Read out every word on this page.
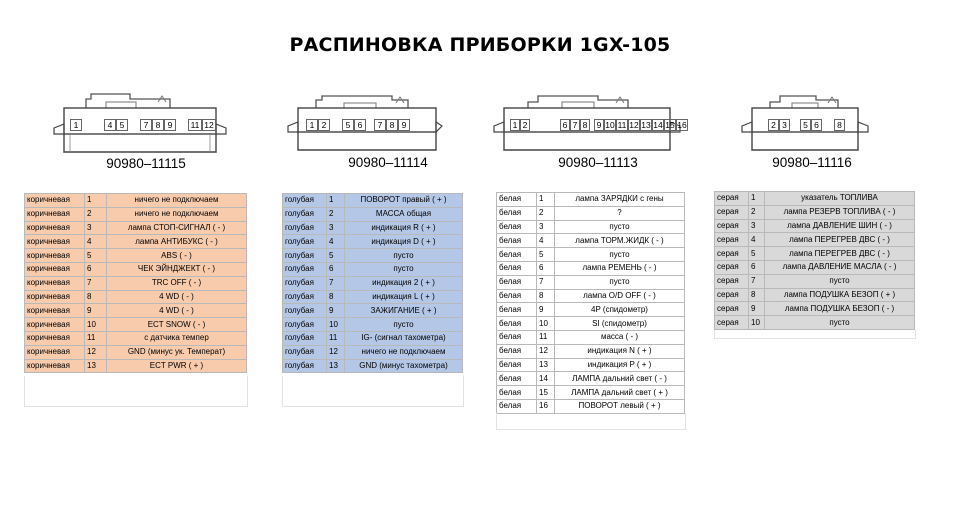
РАСПИНОВКА ПРИБОРКИ 1GX-105
1	4 5	7 8 9	11 12
90980–11115
1 2	5 6	7 8 9
90980–11114
1 2	6 7 8	9 10 11 12 13 14 15 16
90980–11113
2 3	5 6	8
90980–11116
коричневая	1	ничего не подключаем
коричневая	2	ничего не подключаем
коричневая	3	лампа СТОП-СИГНАЛ ( - )
коричневая	4	лампа АНТИБУКС ( - )
коричневая	5	ABS ( - )
коричневая	6	ЧЕК ЭЙНДЖЕКТ ( - )
коричневая	7	TRC OFF ( - )
коричневая	8	4 WD ( - )
коричневая	9	4 WD ( - )
коричневая	10	ECT SNOW ( - )
коричневая	11	с датчика темпер
коричневая	12	GND (минус ук. Температ)
коричневая	13	ECT PWR ( + )
голубая	1	ПОВОРОТ правый ( + )
голубая	2	МАССА общая
голубая	3	индикация R ( + )
голубая	4	индикация D ( + )
голубая	5	пусто
голубая	6	пусто
голубая	7	индикация 2 ( + )
голубая	8	индикация L ( + )
голубая	9	ЗАЖИГАНИЕ ( + )
голубая	10	пусто
голубая	11	IG- (сигнал тахометра)
голубая	12	ничего не подключаем
голубая	13	GND (минус тахометра)
белая	1	лампа ЗАРЯДКИ с гены
белая	2	?
белая	3	пусто
белая	4	лампа ТОРМ.ЖИДК ( - )
белая	5	пусто
белая	6	лампа РЕМЕНЬ ( - )
белая	7	пусто
белая	8	лампа O/D OFF ( - )
белая	9	4P (спидометр)
белая	10	SI (спидометр)
белая	11	масса ( - )
белая	12	индикация N ( + )
белая	13	индикация P ( + )
белая	14	ЛАМПА дальний свет ( - )
белая	15	ЛАМПА дальний свет ( + )
белая	16	ПОВОРОТ левый ( + )
серая	1	указатель ТОПЛИВА
серая	2	лампа РЕЗЕРВ ТОПЛИВА ( - )
серая	3	лампа ДАВЛЕНИЕ ШИН ( - )
серая	4	лампа ПЕРЕГРЕВ ДВС ( - )
серая	5	лампа ПЕРЕГРЕВ ДВС ( - )
серая	6	лампа ДАВЛЕНИЕ МАСЛА ( - )
серая	7	пусто
серая	8	лампа ПОДУШКА БЕЗОП ( + )
серая	9	лампа ПОДУШКА БЕЗОП ( - )
серая	10	пусто
